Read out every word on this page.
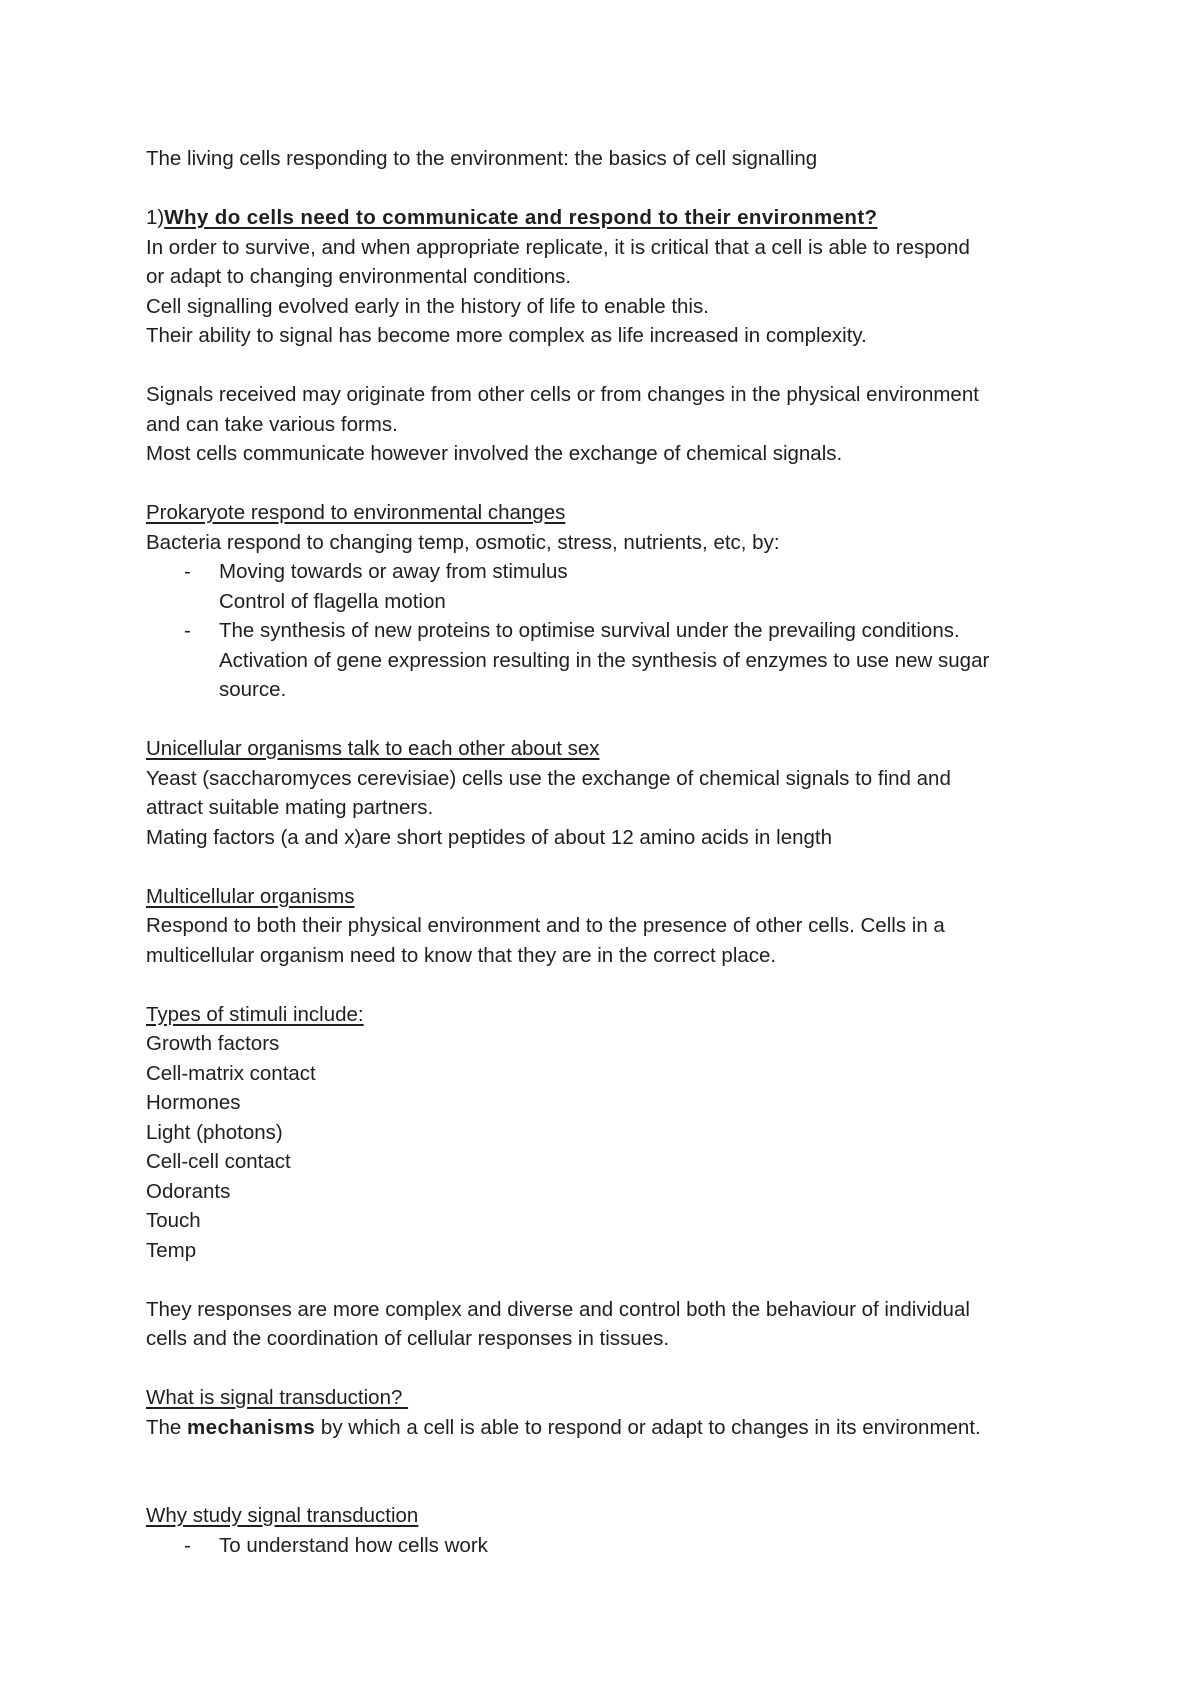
The living cells responding to the environment: the basics of cell signalling
1)Why do cells need to communicate and respond to their environment?
In order to survive, and when appropriate replicate, it is critical that a cell is able to respond
or adapt to changing environmental conditions.
Cell signalling evolved early in the history of life to enable this.
Their ability to signal has become more complex as life increased in complexity.
Signals received may originate from other cells or from changes in the physical environment
and can take various forms.
Most cells communicate however involved the exchange of chemical signals.
Prokaryote respond to environmental changes
Bacteria respond to changing temp, osmotic, stress, nutrients, etc, by:
- Moving towards or away from stimulus
Control of flagella motion
- The synthesis of new proteins to optimise survival under the prevailing conditions.
Activation of gene expression resulting in the synthesis of enzymes to use new sugar
source.
Unicellular organisms talk to each other about sex
Yeast (saccharomyces cerevisiae) cells use the exchange of chemical signals to find and
attract suitable mating partners.
Mating factors (a and x)are short peptides of about 12 amino acids in length
Multicellular organisms
Respond to both their physical environment and to the presence of other cells. Cells in a
multicellular organism need to know that they are in the correct place.
Types of stimuli include:
Growth factors
Cell-matrix contact
Hormones
Light (photons)
Cell-cell contact
Odorants
Touch
Temp
They responses are more complex and diverse and control both the behaviour of individual
cells and the coordination of cellular responses in tissues.
What is signal transduction?
The mechanisms by which a cell is able to respond or adapt to changes in its environment.
Why study signal transduction
- To understand how cells work
